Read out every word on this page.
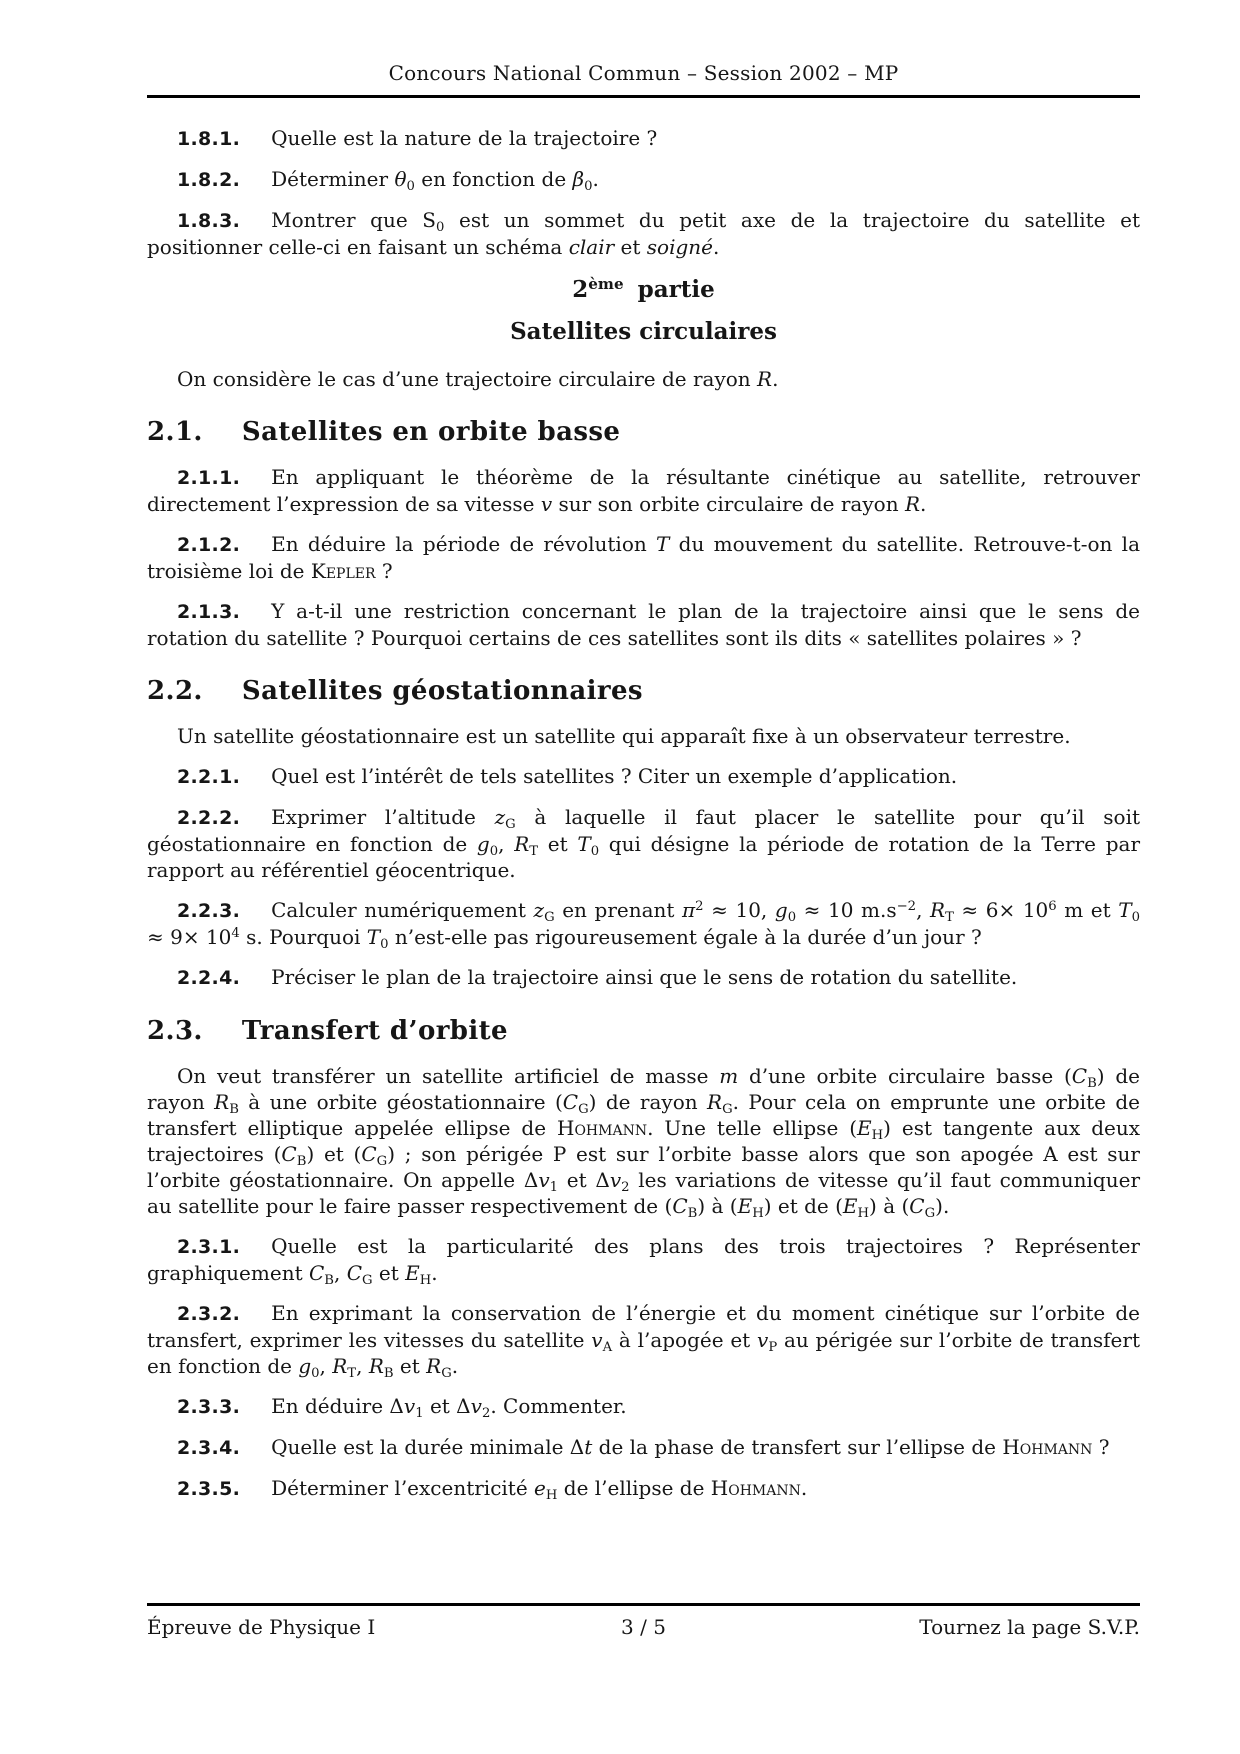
Concours National Commun – Session 2002 – MP

1.8.1. Quelle est la nature de la trajectoire ?

1.8.2. Déterminer θ0 en fonction de β0.

1.8.3. Montrer que S0 est un sommet du petit axe de la trajectoire du satellite et positionner celle-ci en faisant un schéma clair et soigné.

2ème partie
Satellites circulaires

On considère le cas d’une trajectoire circulaire de rayon R.

2.1. Satellites en orbite basse

2.1.1. En appliquant le théorème de la résultante cinétique au satellite, retrouver directement l’expression de sa vitesse v sur son orbite circulaire de rayon R.

2.1.2. En déduire la période de révolution T du mouvement du satellite. Retrouve-t-on la troisième loi de Kepler ?

2.1.3. Y a-t-il une restriction concernant le plan de la trajectoire ainsi que le sens de rotation du satellite ? Pourquoi certains de ces satellites sont ils dits « satellites polaires » ?

2.2. Satellites géostationnaires

Un satellite géostationnaire est un satellite qui apparaît fixe à un observateur terrestre.

2.2.1. Quel est l’intérêt de tels satellites ? Citer un exemple d’application.

2.2.2. Exprimer l’altitude zG à laquelle il faut placer le satellite pour qu’il soit géostationnaire en fonction de g0, RT et T0 qui désigne la période de rotation de la Terre par rapport au référentiel géocentrique.

2.2.3. Calculer numériquement zG en prenant $\pi^2 \approx 10$, g0 ≈ 10 $m.s^{-2}$, RT ≈ $6\times 10^6$ m et $T0 \approx 9\times 10^4$ s. Pourquoi T0 n’est-elle pas rigoureusement égale à la durée d’un jour ?

2.2.4. Préciser le plan de la trajectoire ainsi que le sens de rotation du satellite.

2.3. Transfert d’orbite

On veut transférer un satellite artificiel de masse m d’une orbite circulaire basse (CB) de rayon RB à une orbite géostationnaire (CG) de rayon RG. Pour cela on emprunte une orbite de transfert elliptique appelée ellipse de Hohmann. Une telle ellipse (EH) est tangente aux deux trajectoires (CB) et (CG) ; son périgée P est sur l’orbite basse alors que son apogée A est sur l’orbite géostationnaire. On appelle Δv1 et Δv2 les variations de vitesse qu’il faut communiquer au satellite pour le faire passer respectivement de (CB) à (EH) et de (EH) à (CG).

2.3.1. Quelle est la particularité des plans des trois trajectoires ? Représenter graphiquement CB, CG et EH.

2.3.2. En exprimant la conservation de l’énergie et du moment cinétique sur l’orbite de transfert, exprimer les vitesses du satellite vA à l’apogée et vP au périgée sur l’orbite de transfert en fonction de g0, RT, RB et RG.

2.3.3. En déduire Δv1 et Δv2. Commenter.

2.3.4. Quelle est la durée minimale Δt de la phase de transfert sur l’ellipse de Hohmann ?

2.3.5. Déterminer l’excentricité eH de l’ellipse de Hohmann.

Épreuve de Physique I	3 / 5	Tournez la page S.V.P.
